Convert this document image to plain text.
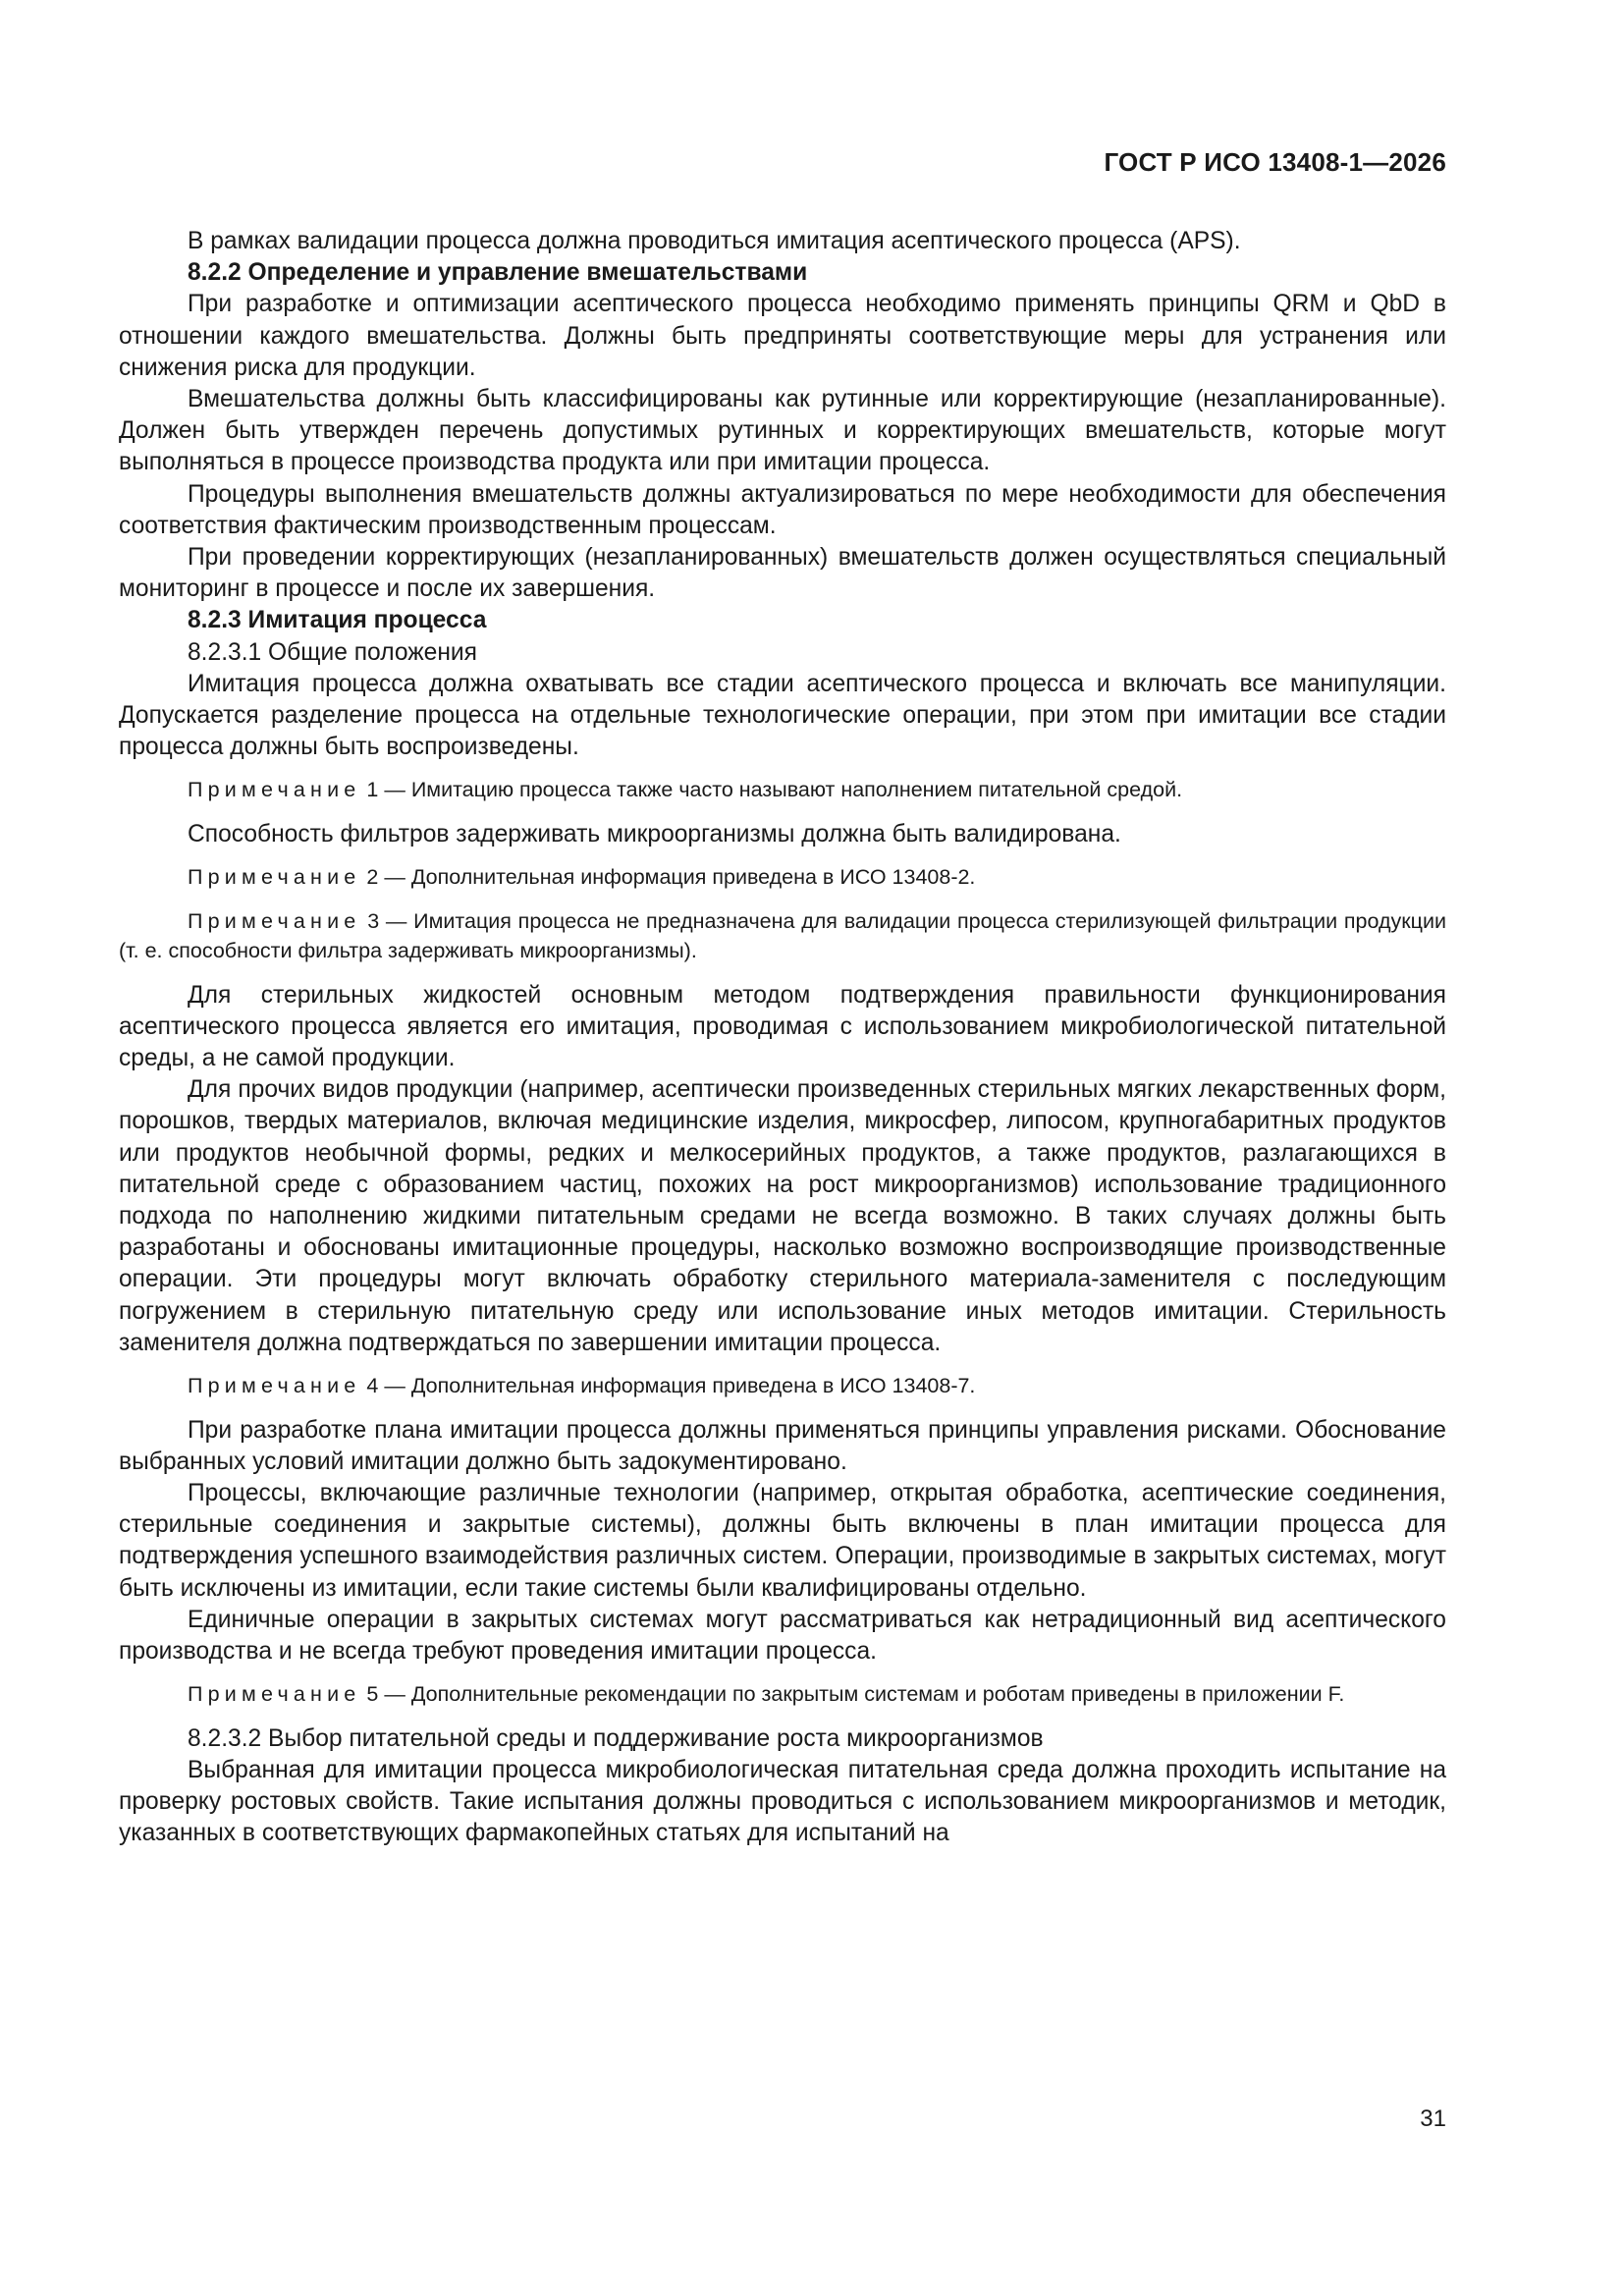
ГОСТ Р ИСО 13408-1—2026
В рамках валидации процесса должна проводиться имитация асептического процесса (APS).
8.2.2 Определение и управление вмешательствами
При разработке и оптимизации асептического процесса необходимо применять принципы QRM и QbD в отношении каждого вмешательства. Должны быть предприняты соответствующие меры для устранения или снижения риска для продукции.
Вмешательства должны быть классифицированы как рутинные или корректирующие (незапланированные). Должен быть утвержден перечень допустимых рутинных и корректирующих вмешательств, которые могут выполняться в процессе производства продукта или при имитации процесса.
Процедуры выполнения вмешательств должны актуализироваться по мере необходимости для обеспечения соответствия фактическим производственным процессам.
При проведении корректирующих (незапланированных) вмешательств должен осуществляться специальный мониторинг в процессе и после их завершения.
8.2.3 Имитация процесса
8.2.3.1 Общие положения
Имитация процесса должна охватывать все стадии асептического процесса и включать все манипуляции. Допускается разделение процесса на отдельные технологические операции, при этом при имитации все стадии процесса должны быть воспроизведены.
Примечание 1 — Имитацию процесса также часто называют наполнением питательной средой.
Способность фильтров задерживать микроорганизмы должна быть валидирована.
Примечание 2 — Дополнительная информация приведена в ИСО 13408-2.
Примечание 3 — Имитация процесса не предназначена для валидации процесса стерилизующей фильтрации продукции (т. е. способности фильтра задерживать микроорганизмы).
Для стерильных жидкостей основным методом подтверждения правильности функционирования асептического процесса является его имитация, проводимая с использованием микробиологической питательной среды, а не самой продукции.
Для прочих видов продукции (например, асептически произведенных стерильных мягких лекарственных форм, порошков, твердых материалов, включая медицинские изделия, микросфер, липосом, крупногабаритных продуктов или продуктов необычной формы, редких и мелкосерийных продуктов, а также продуктов, разлагающихся в питательной среде с образованием частиц, похожих на рост микроорганизмов) использование традиционного подхода по наполнению жидкими питательным средами не всегда возможно. В таких случаях должны быть разработаны и обоснованы имитационные процедуры, насколько возможно воспроизводящие производственные операции. Эти процедуры могут включать обработку стерильного материала-заменителя с последующим погружением в стерильную питательную среду или использование иных методов имитации. Стерильность заменителя должна подтверждаться по завершении имитации процесса.
Примечание 4 — Дополнительная информация приведена в ИСО 13408-7.
При разработке плана имитации процесса должны применяться принципы управления рисками. Обоснование выбранных условий имитации должно быть задокументировано.
Процессы, включающие различные технологии (например, открытая обработка, асептические соединения, стерильные соединения и закрытые системы), должны быть включены в план имитации процесса для подтверждения успешного взаимодействия различных систем. Операции, производимые в закрытых системах, могут быть исключены из имитации, если такие системы были квалифицированы отдельно.
Единичные операции в закрытых системах могут рассматриваться как нетрадиционный вид асептического производства и не всегда требуют проведения имитации процесса.
Примечание 5 — Дополнительные рекомендации по закрытым системам и роботам приведены в приложении F.
8.2.3.2 Выбор питательной среды и поддерживание роста микроорганизмов
Выбранная для имитации процесса микробиологическая питательная среда должна проходить испытание на проверку ростовых свойств. Такие испытания должны проводиться с использованием микроорганизмов и методик, указанных в соответствующих фармакопейных статьях для испытаний на
31
